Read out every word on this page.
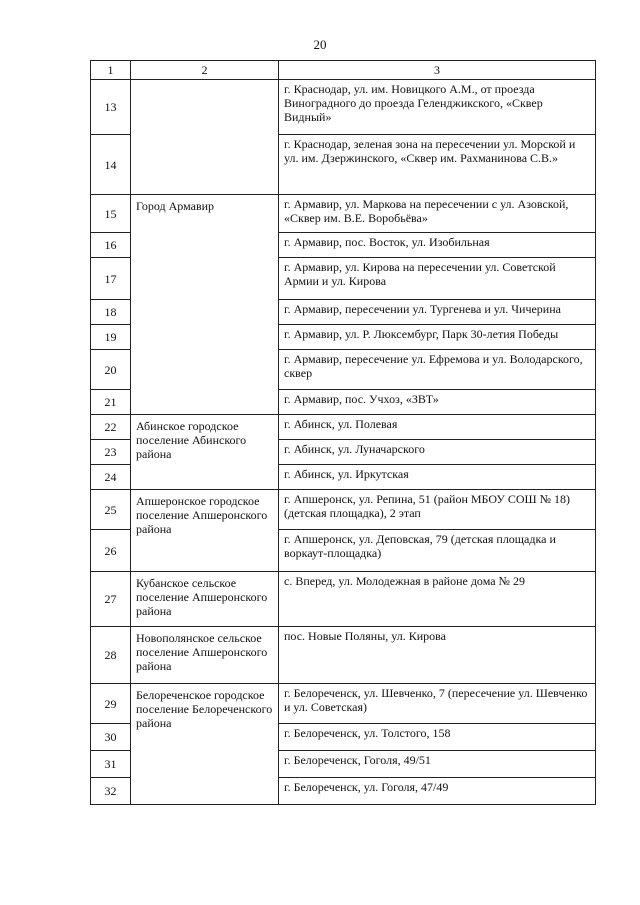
20
1	2	3
13		г. Краснодар, ул. им. Новицкого А.М., от проезда Виноградного до проезда Геленджикского, «Сквер Видный»
14		г. Краснодар, зеленая зона на пересечении ул. Морской и ул. им. Дзержинского, «Сквер им. Рахманинова С.В.»
15	Город Армавир	г. Армавир, ул. Маркова на пересечении с ул. Азовской, «Сквер им. В.Е. Воробьёва»
16		г. Армавир, пос. Восток, ул. Изобильная
17		г. Армавир, ул. Кирова на пересечении ул. Советской Армии и ул. Кирова
18		г. Армавир, пересечении ул. Тургенева и ул. Чичерина
19		г. Армавир, ул. Р. Люксембург, Парк 30-летия Победы
20		г. Армавир, пересечение ул. Ефремова и ул. Володарского, сквер
21		г. Армавир, пос. Учхоз, «ЗВТ»
22	Абинское городское поселение Абинского района	г. Абинск, ул. Полевая
23		г. Абинск, ул. Луначарского
24		г. Абинск, ул. Иркутская
25	Апшеронское городское поселение Апшеронского района	г. Апшеронск, ул. Репина, 51 (район МБОУ СОШ № 18) (детская площадка), 2 этап
26		г. Апшеронск, ул. Деповская, 79 (детская площадка и воркаут-площадка)
27	Кубанское сельское поселение Апшеронского района	с. Вперед, ул. Молодежная в районе дома № 29
28	Новополянское сельское поселение Апшеронского района	пос. Новые Поляны, ул. Кирова
29	Белореченское городское поселение Белореченского района	г. Белореченск, ул. Шевченко, 7 (пересечение ул. Шевченко и ул. Советская)
30		г. Белореченск, ул. Толстого, 158
31		г. Белореченск, Гоголя, 49/51
32		г. Белореченск, ул. Гоголя, 47/49
